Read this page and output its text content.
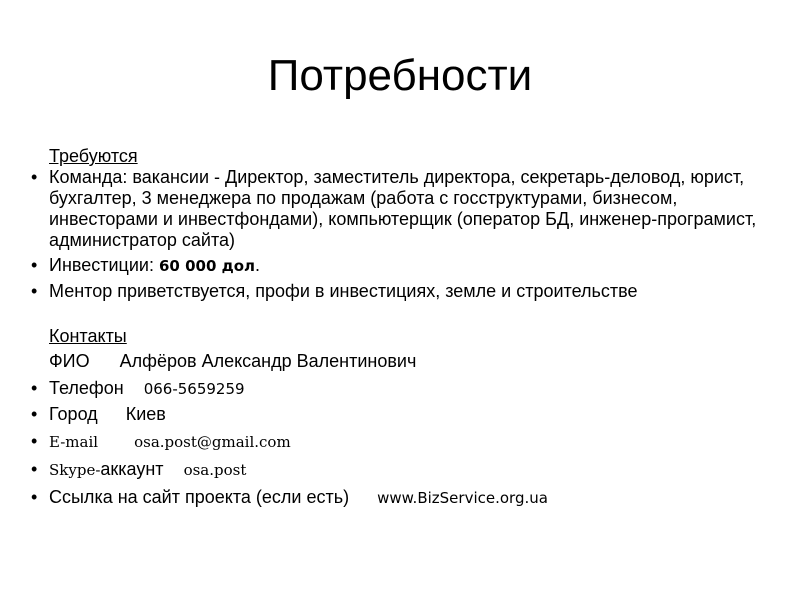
Потребности

Требуются

• Команда: вакансии - Директор, заместитель директора, секретарь-деловод, юрист, бухгалтер, 3 менеджера по продажам (работа с госструктурами, бизнесом, инвесторами и инвестфондами), компьютерщик (оператор БД, инженер-програмист, администратор сайта)

• Инвестиции: 60 000 дол.

• Ментор приветствуется, профи в инвестициях, земле и строительстве

Контакты

ФИО Алфёров Александр Валентинович

• Телефон 066-5659259

• Город Киев

• E-mail osa.post@gmail.com

• Skype-аккаунт osa.post

• Ссылка на сайт проекта (если есть) www.BizService.org.ua
